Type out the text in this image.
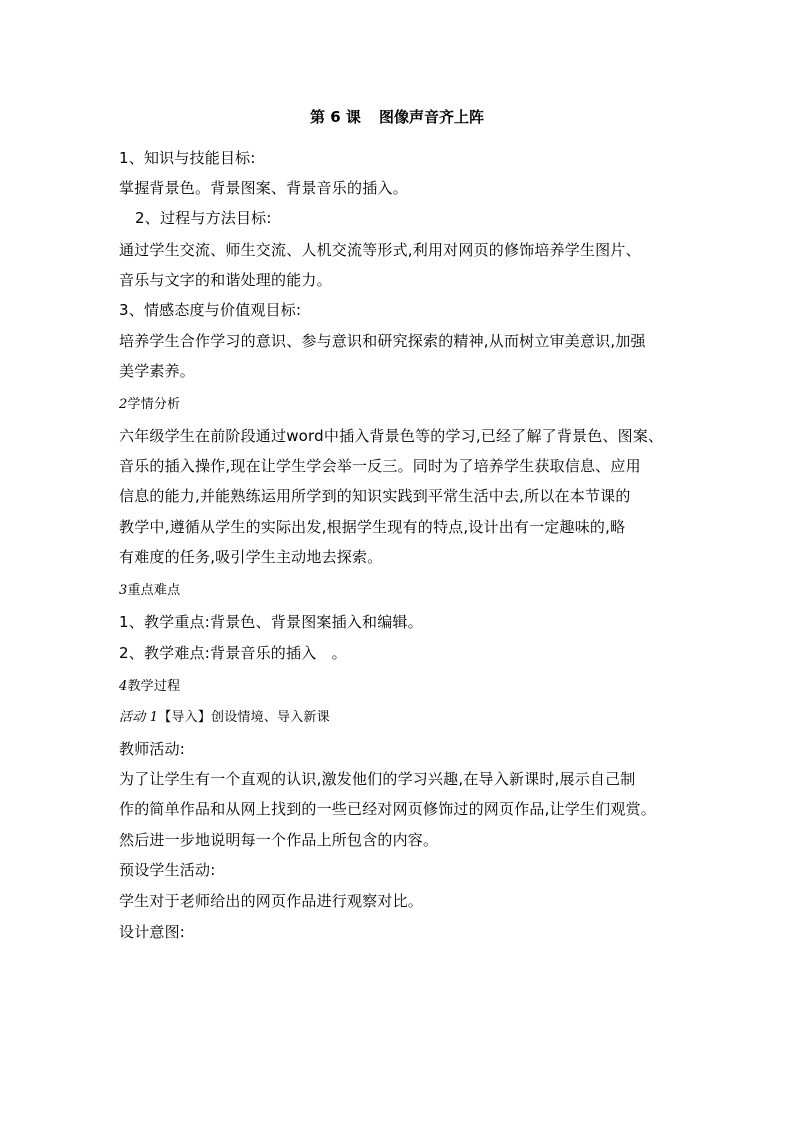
第 6 课 图像声音齐上阵
1、知识与技能目标:
掌握背景色。背景图案、背景音乐的插入。
2、过程与方法目标:
通过学生交流、师生交流、人机交流等形式,利用对网页的修饰培养学生图片、
音乐与文字的和谐处理的能力。
3、情感态度与价值观目标:
培养学生合作学习的意识、参与意识和研究探索的精神,从而树立审美意识,加强
美学素养。
2学情分析
六年级学生在前阶段通过word中插入背景色等的学习,已经了解了背景色、图案、
音乐的插入操作,现在让学生学会举一反三。同时为了培养学生获取信息、应用
信息的能力,并能熟练运用所学到的知识实践到平常生活中去,所以在本节课的
教学中,遵循从学生的实际出发,根据学生现有的特点,设计出有一定趣味的,略
有难度的任务,吸引学生主动地去探索。
3重点难点
1、教学重点:背景色、背景图案插入和编辑。
2、教学难点:背景音乐的插入　。
4教学过程
活动 1【导入】创设情境、导入新课
教师活动:
为了让学生有一个直观的认识,激发他们的学习兴趣,在导入新课时,展示自己制
作的简单作品和从网上找到的一些已经对网页修饰过的网页作品,让学生们观赏。
然后进一步地说明每一个作品上所包含的内容。
预设学生活动:
学生对于老师给出的网页作品进行观察对比。
设计意图:
